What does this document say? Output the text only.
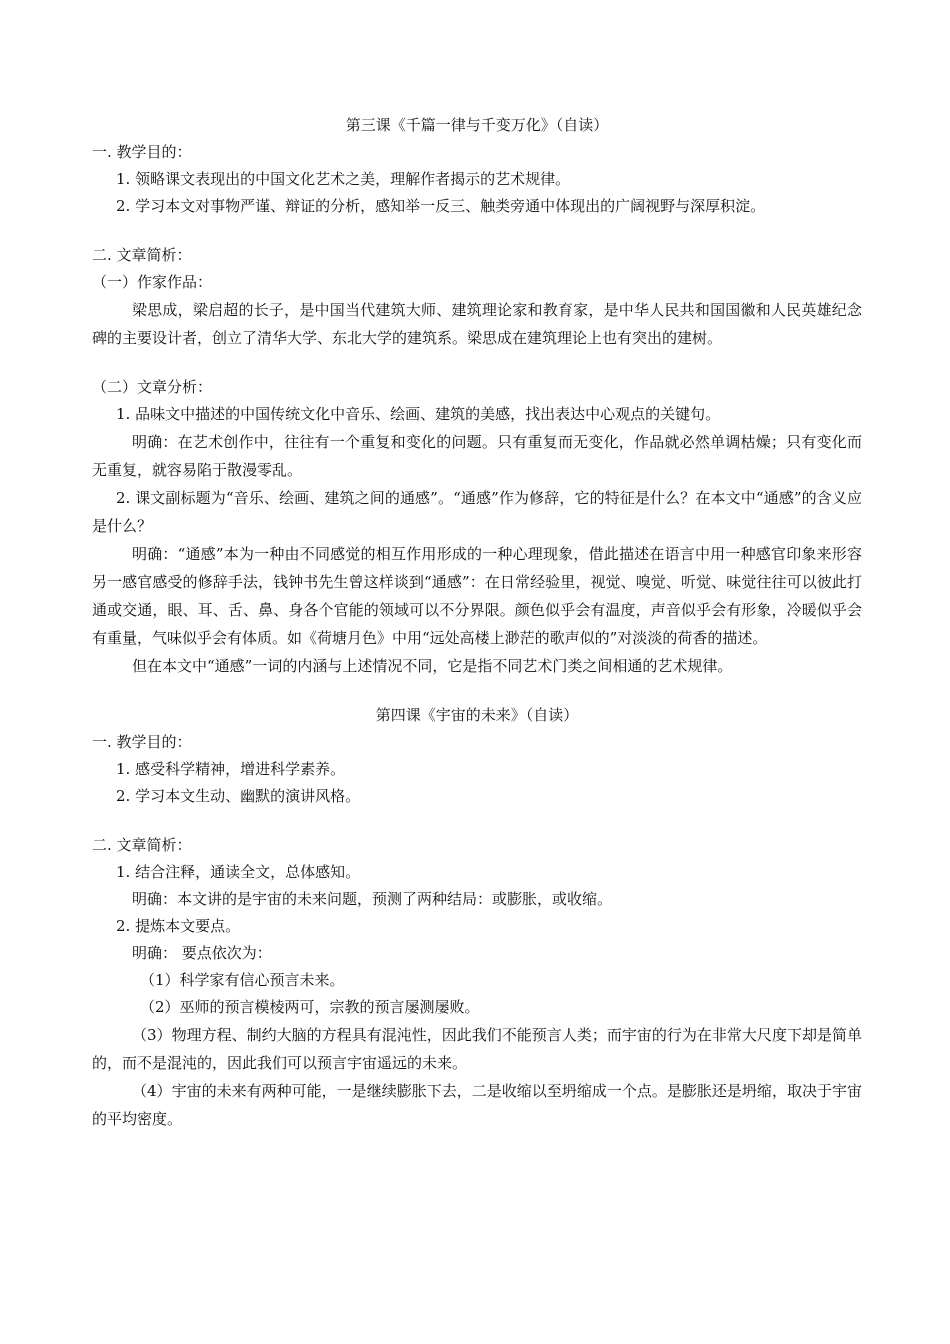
第三课《千篇一律与千变万化》（自读）
一. 教学目的：
1. 领略课文表现出的中国文化艺术之美，理解作者揭示的艺术规律。
2. 学习本文对事物严谨、辩证的分析，感知举一反三、触类旁通中体现出的广阔视野与深厚积淀。
二. 文章简析：
（一）作家作品：
梁思成，梁启超的长子，是中国当代建筑大师、建筑理论家和教育家，是中华人民共和国国徽和人民英雄纪念碑的主要设计者，创立了清华大学、东北大学的建筑系。梁思成在建筑理论上也有突出的建树。
（二）文章分析：
1. 品味文中描述的中国传统文化中音乐、绘画、建筑的美感，找出表达中心观点的关键句。
明确：在艺术创作中，往往有一个重复和变化的问题。只有重复而无变化，作品就必然单调枯燥；只有变化而无重复，就容易陷于散漫零乱。
2. 课文副标题为“音乐、绘画、建筑之间的通感”。“通感”作为修辞，它的特征是什么？在本文中“通感”的含义应是什么？
明确：“通感”本为一种由不同感觉的相互作用形成的一种心理现象，借此描述在语言中用一种感官印象来形容另一感官感受的修辞手法，钱钟书先生曾这样谈到“通感”：在日常经验里，视觉、嗅觉、听觉、味觉往往可以彼此打通或交通，眼、耳、舌、鼻、身各个官能的领域可以不分界限。颜色似乎会有温度，声音似乎会有形象，冷暖似乎会有重量，气味似乎会有体质。如《荷塘月色》中用“远处高楼上渺茫的歌声似的”对淡淡的荷香的描述。
但在本文中“通感”一词的内涵与上述情况不同，它是指不同艺术门类之间相通的艺术规律。
第四课《宇宙的未来》（自读）
一. 教学目的：
1. 感受科学精神，增进科学素养。
2. 学习本文生动、幽默的演讲风格。
二. 文章简析：
1. 结合注释，通读全文，总体感知。
明确：本文讲的是宇宙的未来问题，预测了两种结局：或膨胀，或收缩。
2. 提炼本文要点。
明确： 要点依次为：
（1）科学家有信心预言未来。
（2）巫师的预言模棱两可，宗教的预言屡测屡败。
（3）物理方程、制约大脑的方程具有混沌性，因此我们不能预言人类；而宇宙的行为在非常大尺度下却是简单的，而不是混沌的，因此我们可以预言宇宙遥远的未来。
（4）宇宙的未来有两种可能，一是继续膨胀下去，二是收缩以至坍缩成一个点。是膨胀还是坍缩，取决于宇宙的平均密度。
